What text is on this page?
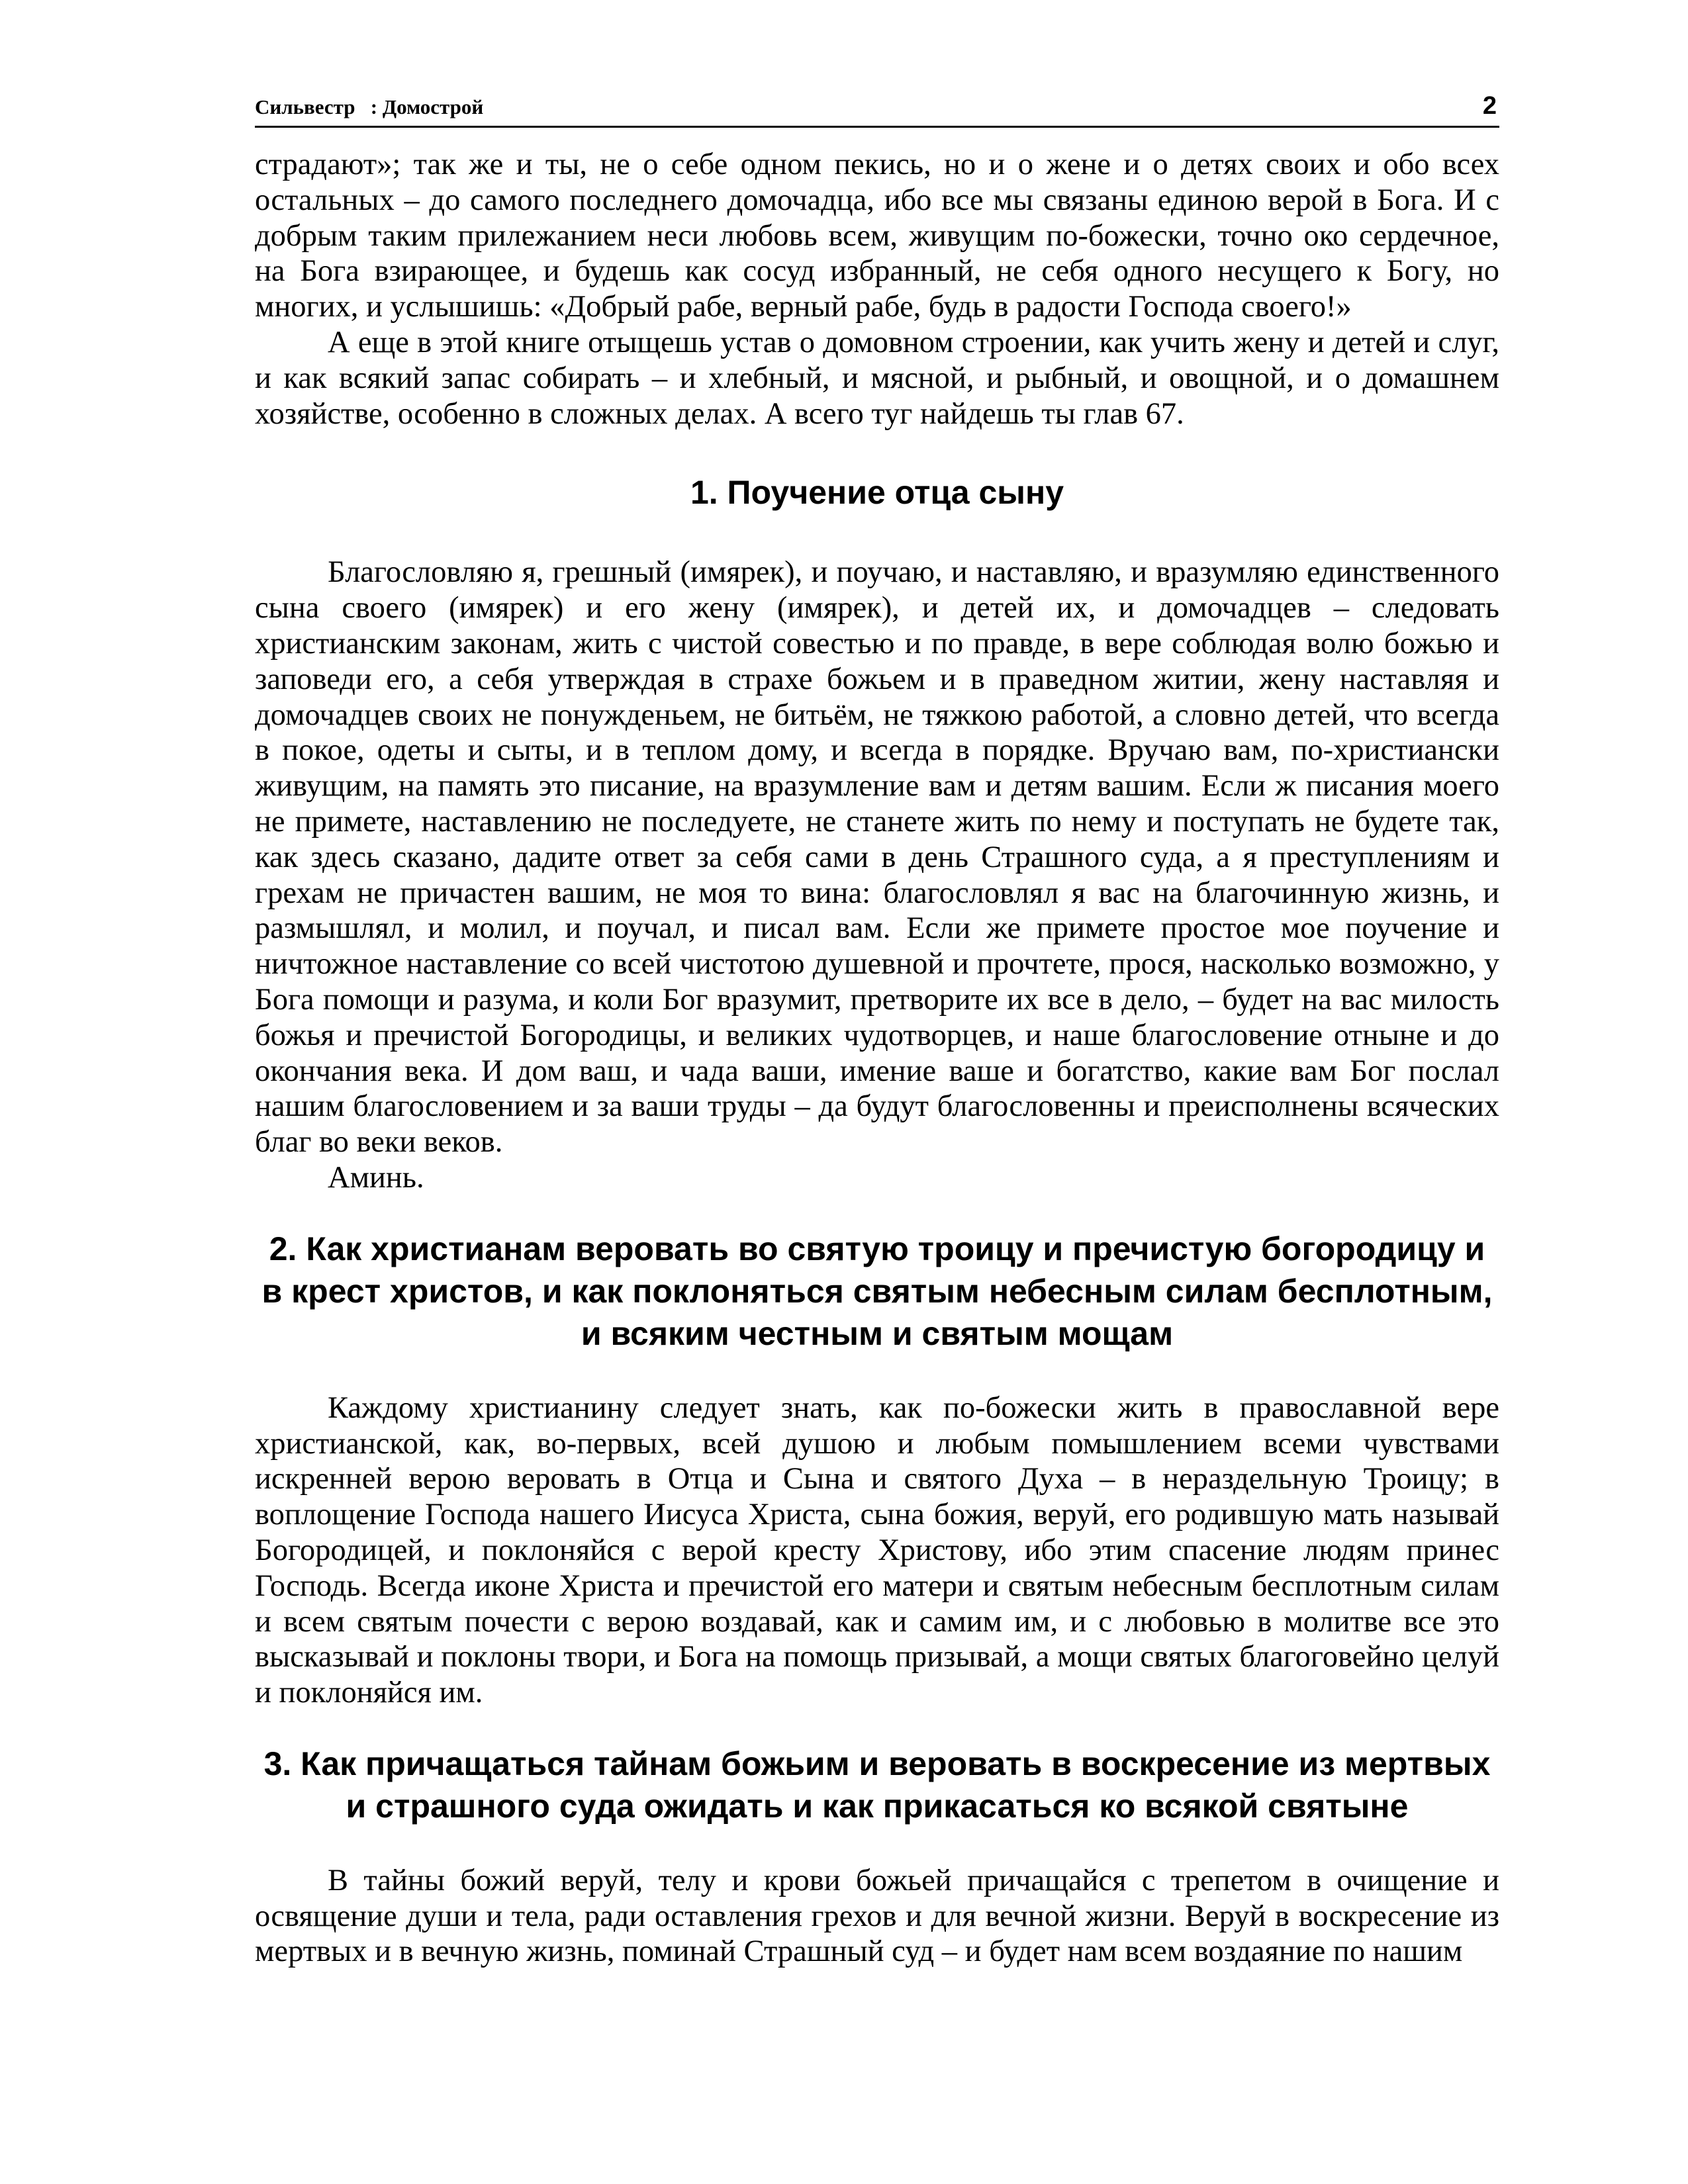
Сильвестр   : Домострой	2

страдают»; так же и ты, не о себе одном пекись, но и о жене и о детях своих и обо всех остальных – до самого последнего домочадца, ибо все мы связаны единою верой в Бога. И с добрым таким прилежанием неси любовь всем, живущим по-божески, точно око сердечное, на Бога взирающее, и будешь как сосуд избранный, не себя одного несущего к Богу, но многих, и услышишь: «Добрый рабе, верный рабе, будь в радости Господа своего!»

А еще в этой книге отыщешь устав о домовном строении, как учить жену и детей и слуг, и как всякий запас собирать – и хлебный, и мясной, и рыбный, и овощной, и о домашнем хозяйстве, особенно в сложных делах. А всего туг найдешь ты глав 67.

1. Поучение отца сыну

Благословляю я, грешный (имярек), и поучаю, и наставляю, и вразумляю единственного сына своего (имярек) и его жену (имярек), и детей их, и домочадцев – следовать христианским законам, жить с чистой совестью и по правде, в вере соблюдая волю божью и заповеди его, а себя утверждая в страхе божьем и в праведном житии, жену наставляя и домочадцев своих не понужденьем, не битьём, не тяжкою работой, а словно детей, что всегда в покое, одеты и сыты, и в теплом дому, и всегда в порядке. Вручаю вам, по-христиански живущим, на память это писание, на вразумление вам и детям вашим. Если ж писания моего не примете, наставлению не последуете, не станете жить по нему и поступать не будете так, как здесь сказано, дадите ответ за себя сами в день Страшного суда, а я преступлениям и грехам не причастен вашим, не моя то вина: благословлял я вас на благочинную жизнь, и размышлял, и молил, и поучал, и писал вам. Если же примете простое мое поучение и ничтожное наставление со всей чистотою душевной и прочтете, прося, насколько возможно, у Бога помощи и разума, и коли Бог вразумит, претворите их все в дело, – будет на вас милость божья и пречистой Богородицы, и великих чудотворцев, и наше благословение отныне и до окончания века. И дом ваш, и чада ваши, имение ваше и богатство, какие вам Бог послал нашим благословением и за ваши труды – да будут благословенны и преисполнены всяческих благ во веки веков.

Аминь.

2. Как христианам веровать во святую троицу и пречистую богородицу и в крест христов, и как поклоняться святым небесным силам бесплотным, и всяким честным и святым мощам

Каждому христианину следует знать, как по-божески жить в православной вере христианской, как, во-первых, всей душою и любым помышлением всеми чувствами искренней верою веровать в Отца и Сына и святого Духа – в нераздельную Троицу; в воплощение Господа нашего Иисуса Христа, сына божия, веруй, его родившую мать называй Богородицей, и поклоняйся с верой кресту Христову, ибо этим спасение людям принес Господь. Всегда иконе Христа и пречистой его матери и святым небесным бесплотным силам и всем святым почести с верою воздавай, как и самим им, и с любовью в молитве все это высказывай и поклоны твори, и Бога на помощь призывай, а мощи святых благоговейно целуй и поклоняйся им.

3. Как причащаться тайнам божьим и веровать в воскресение из мертвых и страшного суда ожидать и как прикасаться ко всякой святыне

В тайны божий веруй, телу и крови божьей причащайся с трепетом в очищение и освящение души и тела, ради оставления грехов и для вечной жизни. Веруй в воскресение из мертвых и в вечную жизнь, поминай Страшный суд – и будет нам всем воздаяние по нашим
